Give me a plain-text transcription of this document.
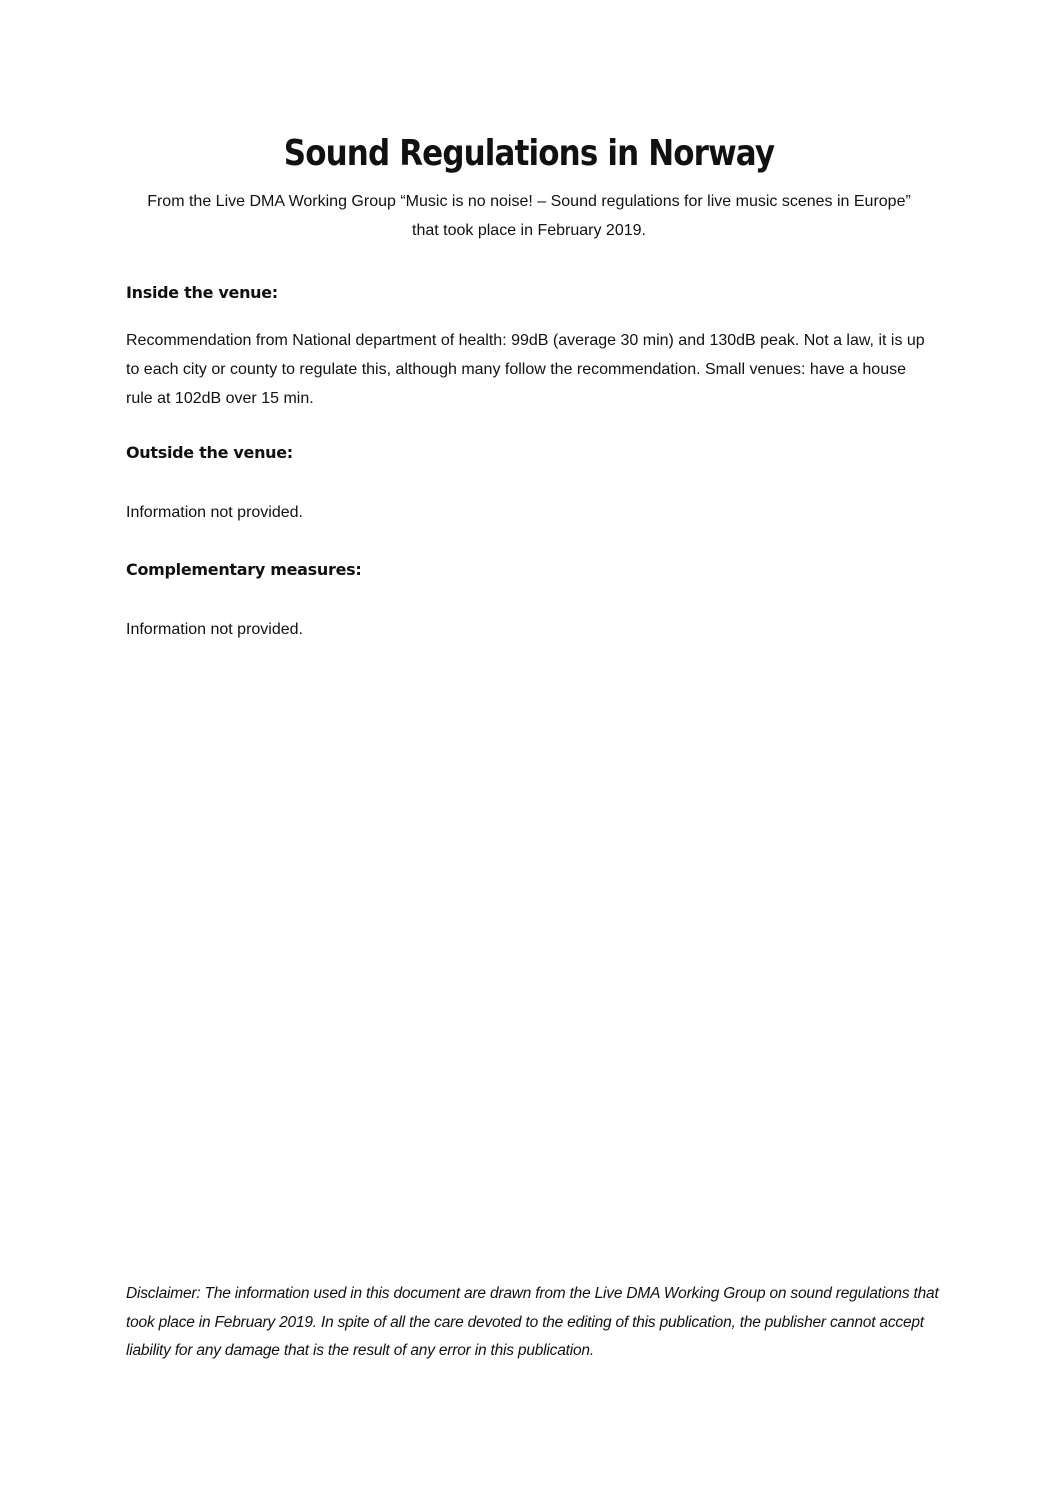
Sound Regulations in Norway
From the Live DMA Working Group “Music is no noise! – Sound regulations for live music scenes in Europe”
that took place in February 2019.

Inside the venue:

Recommendation from National department of health: 99dB (average 30 min) and 130dB peak. Not a law, it is up to each city or county to regulate this, although many follow the recommendation. Small venues: have a house rule at 102dB over 15 min.

Outside the venue:

Information not provided.

Complementary measures:

Information not provided.

Disclaimer: The information used in this document are drawn from the Live DMA Working Group on sound regulations that took place in February 2019. In spite of all the care devoted to the editing of this publication, the publisher cannot accept liability for any damage that is the result of any error in this publication.
